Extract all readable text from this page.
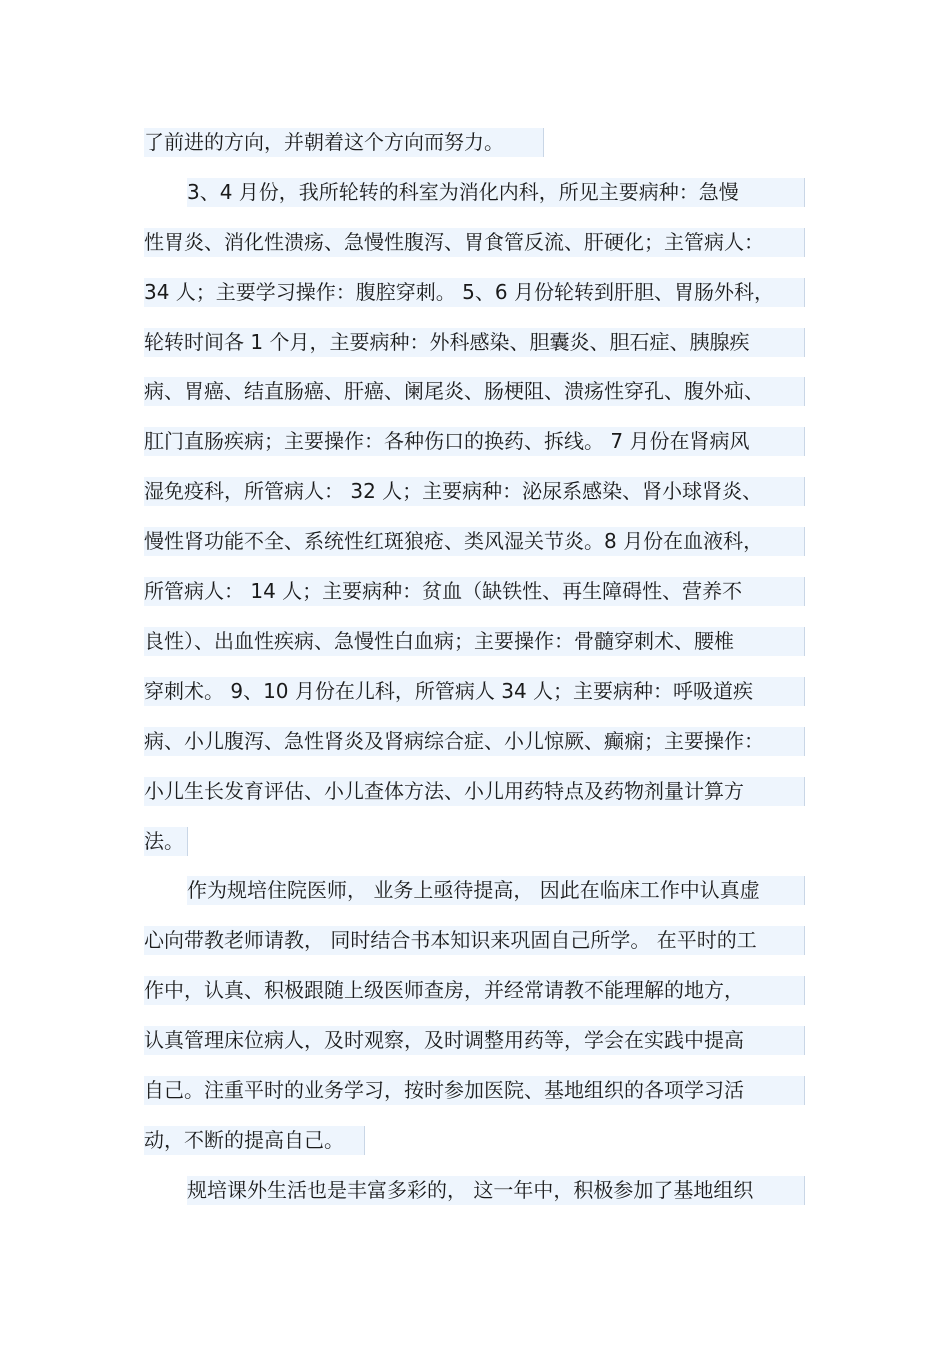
了前进的方向，并朝着这个方向而努力。
3、4 月份，我所轮转的科室为消化内科，所见主要病种：急慢
性胃炎、消化性溃疡、急慢性腹泻、胃食管反流、肝硬化；主管病人：
34 人；主要学习操作：腹腔穿刺。 5、6 月份轮转到肝胆、胃肠外科，
轮转时间各 1 个月，主要病种：外科感染、胆囊炎、胆石症、胰腺疾
病、胃癌、结直肠癌、肝癌、阑尾炎、肠梗阻、溃疡性穿孔、腹外疝、
肛门直肠疾病；主要操作：各种伤口的换药、拆线。 7 月份在肾病风
湿免疫科，所管病人： 32 人；主要病种：泌尿系感染、肾小球肾炎、
慢性肾功能不全、系统性红斑狼疮、类风湿关节炎。8 月份在血液科，
所管病人： 14 人；主要病种：贫血（缺铁性、再生障碍性、营养不
良性）、出血性疾病、急慢性白血病；主要操作：骨髓穿刺术、腰椎
穿刺术。 9、10 月份在儿科，所管病人 34 人；主要病种：呼吸道疾
病、小儿腹泻、急性肾炎及肾病综合症、小儿惊厥、癫痫；主要操作：
小儿生长发育评估、小儿查体方法、小儿用药特点及药物剂量计算方
法。
作为规培住院医师， 业务上亟待提高， 因此在临床工作中认真虚
心向带教老师请教， 同时结合书本知识来巩固自己所学。 在平时的工
作中，认真、积极跟随上级医师查房，并经常请教不能理解的地方，
认真管理床位病人，及时观察，及时调整用药等，学会在实践中提高
自己。注重平时的业务学习，按时参加医院、基地组织的各项学习活
动，不断的提高自己。
规培课外生活也是丰富多彩的， 这一年中，积极参加了基地组织
